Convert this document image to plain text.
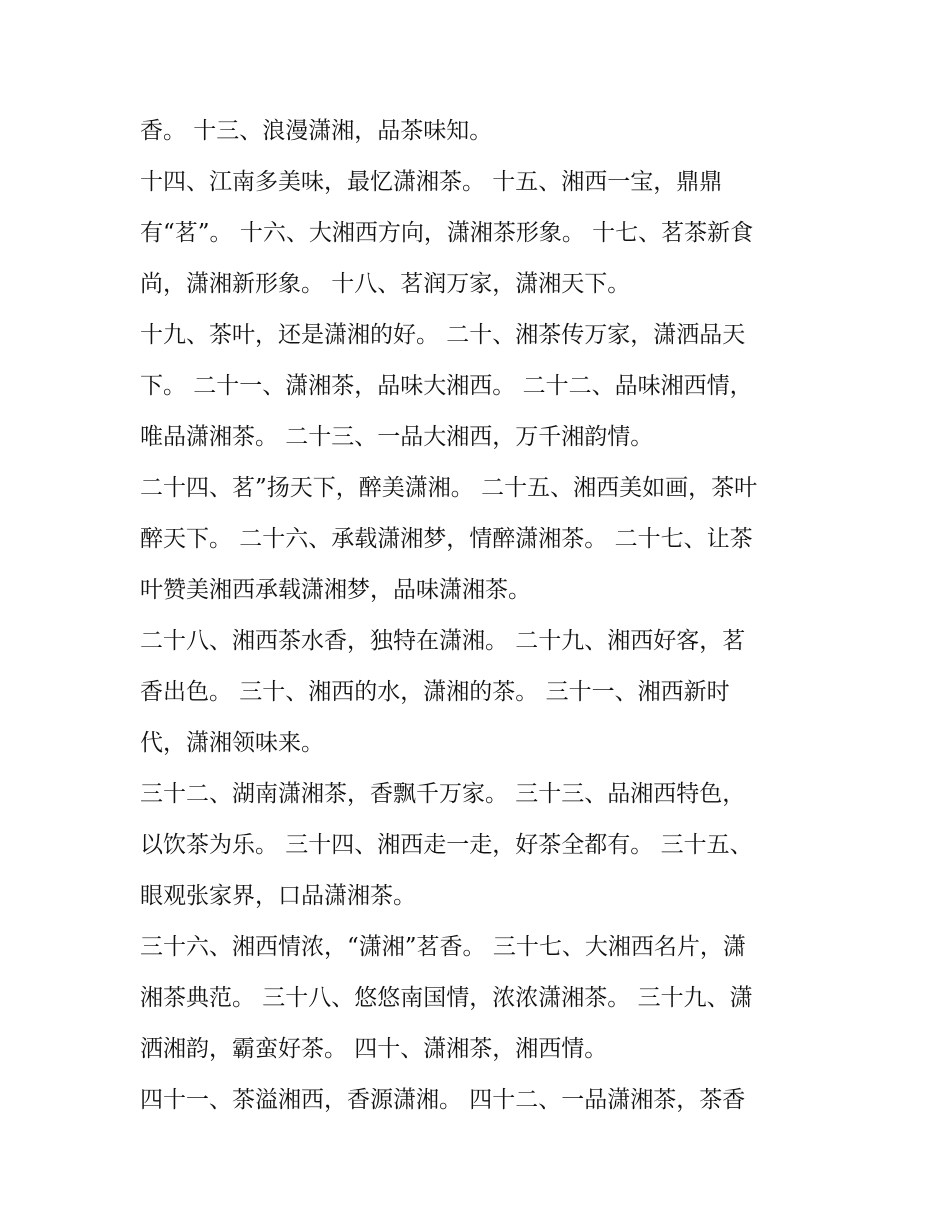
香。 十三、浪漫潇湘，品茶味知。
十四、江南多美味，最忆潇湘茶。 十五、湘西一宝，鼎鼎
有“茗”。 十六、大湘西方向，潇湘茶形象。 十七、茗茶新食
尚，潇湘新形象。 十八、茗润万家，潇湘天下。
十九、茶叶，还是潇湘的好。 二十、湘茶传万家，潇洒品天
下。 二十一、潇湘茶，品味大湘西。 二十二、品味湘西情，
唯品潇湘茶。 二十三、一品大湘西，万千湘韵情。
二十四、茗”扬天下，醉美潇湘。 二十五、湘西美如画，茶叶
醉天下。 二十六、承载潇湘梦，情醉潇湘茶。 二十七、让茶
叶赞美湘西承载潇湘梦，品味潇湘茶。
二十八、湘西茶水香，独特在潇湘。 二十九、湘西好客，茗
香出色。 三十、湘西的水，潇湘的茶。 三十一、湘西新时
代，潇湘领味来。
三十二、湖南潇湘茶，香飘千万家。 三十三、品湘西特色，
以饮茶为乐。 三十四、湘西走一走，好茶全都有。 三十五、
眼观张家界，口品潇湘茶。
三十六、湘西情浓，“潇湘”茗香。 三十七、大湘西名片，潇
湘茶典范。 三十八、悠悠南国情，浓浓潇湘茶。 三十九、潇
洒湘韵，霸蛮好茶。 四十、潇湘茶，湘西情。
四十一、茶溢湘西，香源潇湘。 四十二、一品潇湘茶，茶香
